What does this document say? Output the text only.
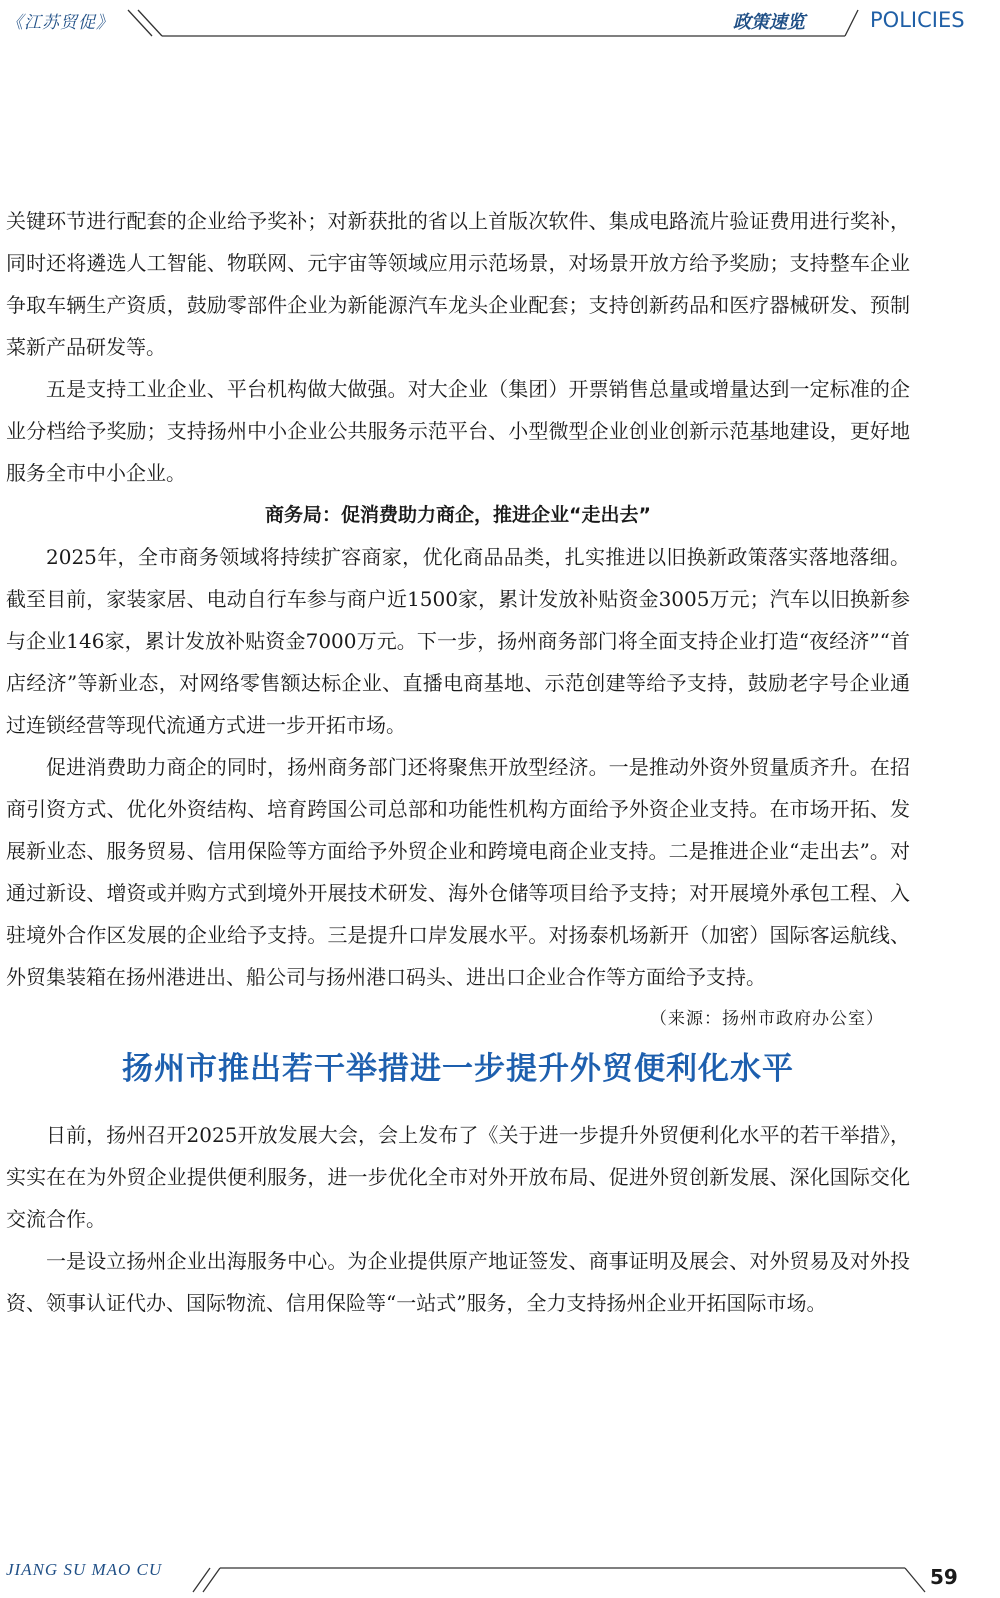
《江苏贸促》	政策速览	POLICIES

关键环节进行配套的企业给予奖补；对新获批的省以上首版次软件、集成电路流片验证费用进行奖补，同时还将遴选人工智能、物联网、元宇宙等领域应用示范场景，对场景开放方给予奖励；支持整车企业争取车辆生产资质，鼓励零部件企业为新能源汽车龙头企业配套；支持创新药品和医疗器械研发、预制菜新产品研发等。

五是支持工业企业、平台机构做大做强。对大企业（集团）开票销售总量或增量达到一定标准的企业分档给予奖励；支持扬州中小企业公共服务示范平台、小型微型企业创业创新示范基地建设，更好地服务全市中小企业。

商务局：促消费助力商企，推进企业“走出去”

2025年，全市商务领域将持续扩容商家，优化商品品类，扎实推进以旧换新政策落实落地落细。截至目前，家装家居、电动自行车参与商户近1500家，累计发放补贴资金3005万元；汽车以旧换新参与企业146家，累计发放补贴资金7000万元。下一步，扬州商务部门将全面支持企业打造“夜经济”“首店经济”等新业态，对网络零售额达标企业、直播电商基地、示范创建等给予支持，鼓励老字号企业通过连锁经营等现代流通方式进一步开拓市场。

促进消费助力商企的同时，扬州商务部门还将聚焦开放型经济。一是推动外资外贸量质齐升。在招商引资方式、优化外资结构、培育跨国公司总部和功能性机构方面给予外资企业支持。在市场开拓、发展新业态、服务贸易、信用保险等方面给予外贸企业和跨境电商企业支持。二是推进企业“走出去”。对通过新设、增资或并购方式到境外开展技术研发、海外仓储等项目给予支持；对开展境外承包工程、入驻境外合作区发展的企业给予支持。三是提升口岸发展水平。对扬泰机场新开（加密）国际客运航线、外贸集装箱在扬州港进出、船公司与扬州港口码头、进出口企业合作等方面给予支持。
（来源：扬州市政府办公室）

扬州市推出若干举措进一步提升外贸便利化水平

日前，扬州召开2025开放发展大会，会上发布了《关于进一步提升外贸便利化水平的若干举措》，实实在在为外贸企业提供便利服务，进一步优化全市对外开放布局、促进外贸创新发展、深化国际交化交流合作。

一是设立扬州企业出海服务中心。为企业提供原产地证签发、商事证明及展会、对外贸易及对外投资、领事认证代办、国际物流、信用保险等“一站式”服务，全力支持扬州企业开拓国际市场。

JIANG SU MAO CU	59
